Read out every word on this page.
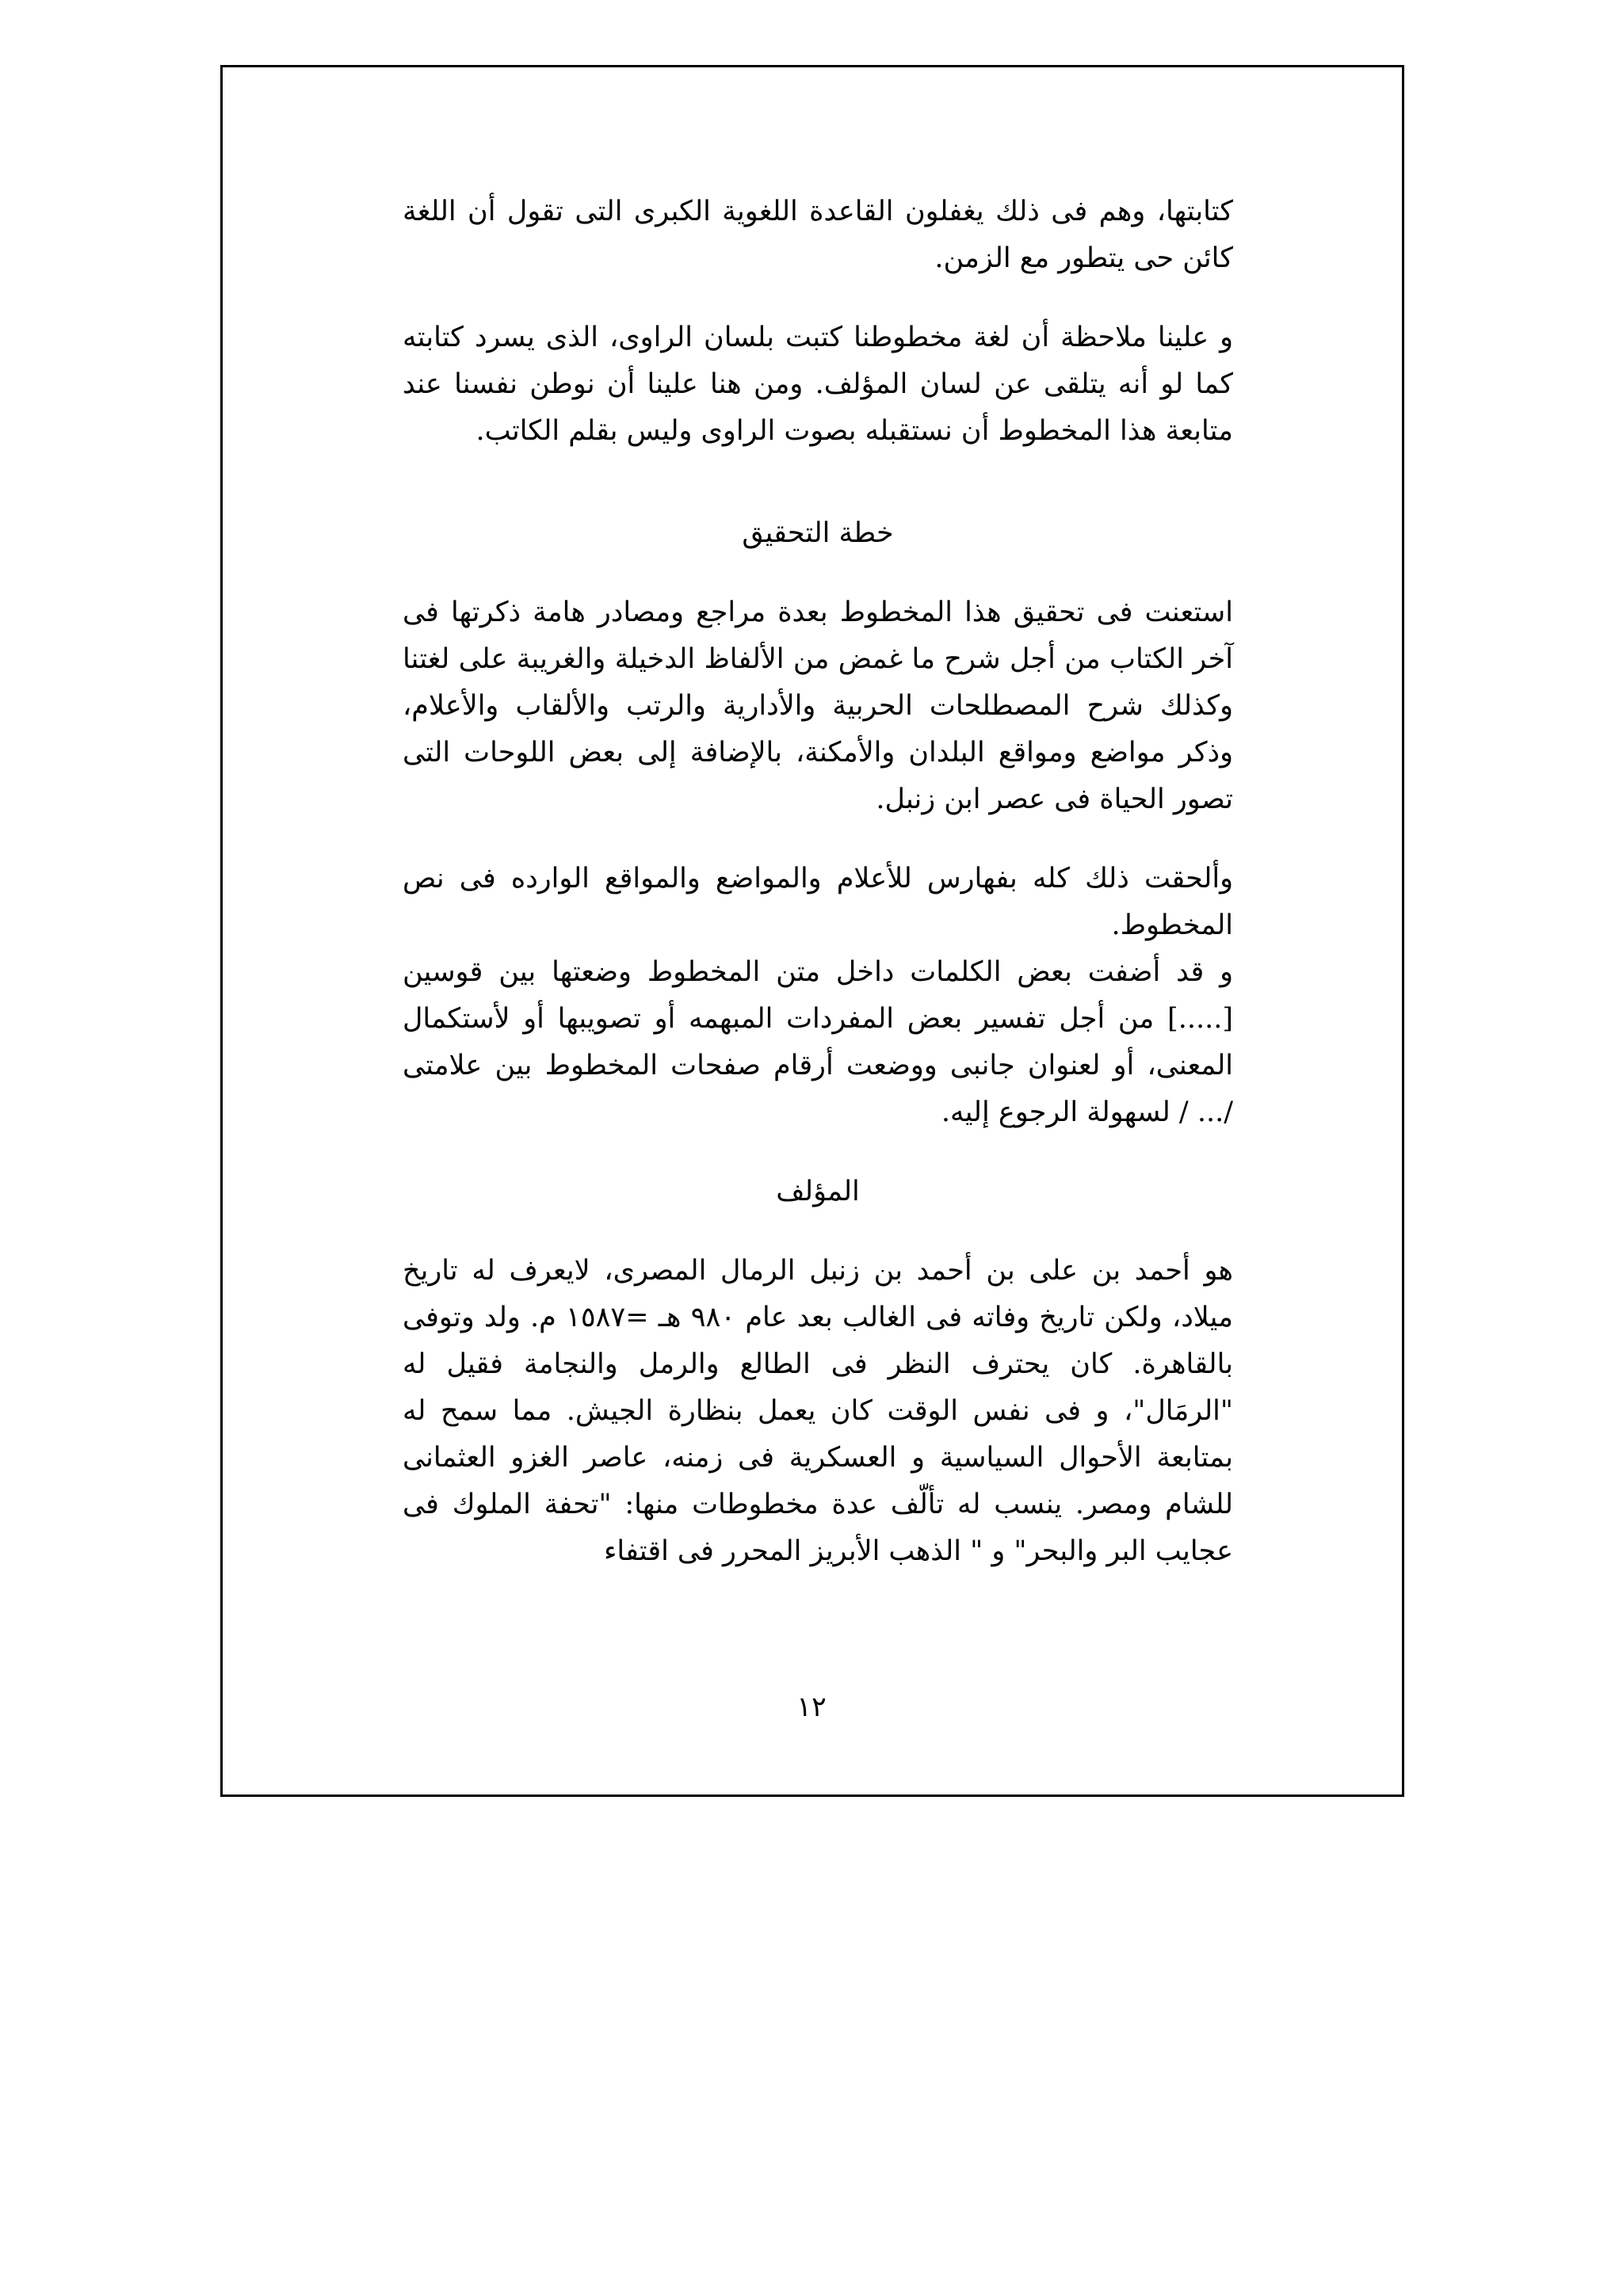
كتابتها، وهم فى ذلك يغفلون القاعدة اللغوية الكبرى التى تقول أن اللغة كائن حى يتطور مع الزمن.

و علينا ملاحظة أن لغة مخطوطنا كتبت بلسان الراوى، الذى يسرد كتابته كما لو أنه يتلقى عن لسان المؤلف. ومن هنا علينا أن نوطن نفسنا عند متابعة هذا المخطوط أن نستقبله بصوت الراوى وليس بقلم الكاتب.

خطة التحقيق

استعنت فى تحقيق هذا المخطوط بعدة مراجع ومصادر هامة ذكرتها فى آخر الكتاب من أجل شرح ما غمض من الألفاظ الدخيلة والغريبة على لغتنا وكذلك شرح المصطلحات الحربية والأدارية والرتب والألقاب والأعلام، وذكر مواضع ومواقع البلدان والأمكنة، بالإضافة إلى بعض اللوحات التى تصور الحياة فى عصر ابن زنبل.

وألحقت ذلك كله بفهارس للأعلام والمواضع والمواقع الوارده فى نص المخطوط.

و قد أضفت بعض الكلمات داخل متن المخطوط وضعتها بين قوسين [.....] من أجل تفسير بعض المفردات المبهمه أو تصويبها أو لأستكمال المعنى، أو لعنوان جانبى ووضعت أرقام صفحات المخطوط بين علامتى /... / لسهولة الرجوع إليه.

المؤلف

هو أحمد بن على بن أحمد بن زنبل الرمال المصرى، لايعرف له تاريخ ميلاد، ولكن تاريخ وفاته فى الغالب بعد عام ٩٨٠ هـ =١٥٨٧ م. ولد وتوفى بالقاهرة. كان يحترف النظر فى الطالع والرمل والنجامة فقيل له "الرمَال"، و فى نفس الوقت كان يعمل بنظارة الجيش. مما سمح له بمتابعة الأحوال السياسية و العسكرية فى زمنه، عاصر الغزو العثمانى للشام ومصر. ينسب له تألّف عدة مخطوطات منها: "تحفة الملوك فى عجايب البر والبحر" و " الذهب الأبريز المحرر فى اقتفاء

١٢
